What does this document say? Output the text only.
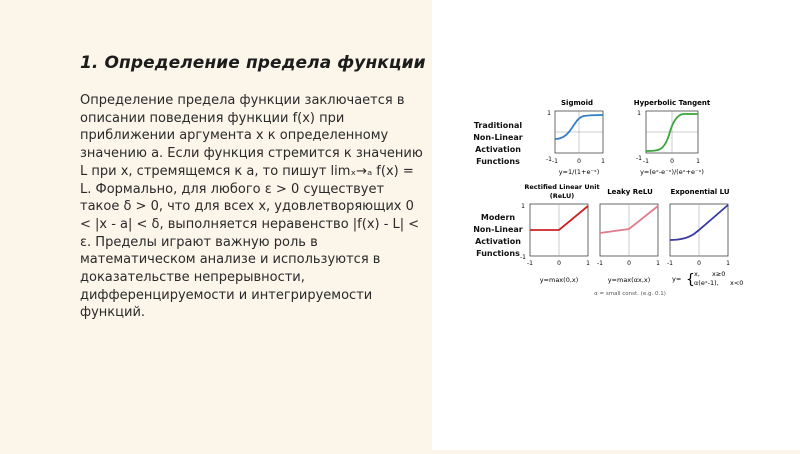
1. Определение предела функции
Определение предела функции заключается в описании поведения функции f(x) при приближении аргумента x к определенному значению a. Если функция стремится к значению L при x, стремящемся к a, то пишут limₓ→ₐ f(x) = L. Формально, для любого ε > 0 существует такое δ > 0, что для всех x, удовлетворяющих 0 < |x - a| < δ, выполняется неравенство |f(x) - L| < ε. Пределы играют важную роль в математическом анализе и используются в доказательстве непрерывности, дифференцируемости и интегрируемости функций.
Traditional
Non-Linear
Activation
Functions
Modern
Non-Linear
Activation
Functions
Sigmoid
1
-1	0
-1	1
y=1/(1+e⁻ˣ)
Hyperbolic Tangent
1
-1	0
-1	1
y=(eˣ-e⁻ˣ)/(eˣ+e⁻ˣ)
Rectified Linear Unit
(ReLU)
1
-1
-1	0	1
y=max(0,x)
Leaky ReLU
-1	0	1
y=max(αx,x)
Exponential LU
-1	0	1
y= { x, x≥0
α(eˣ-1), x<0
α = small const. (e.g. 0.1)
